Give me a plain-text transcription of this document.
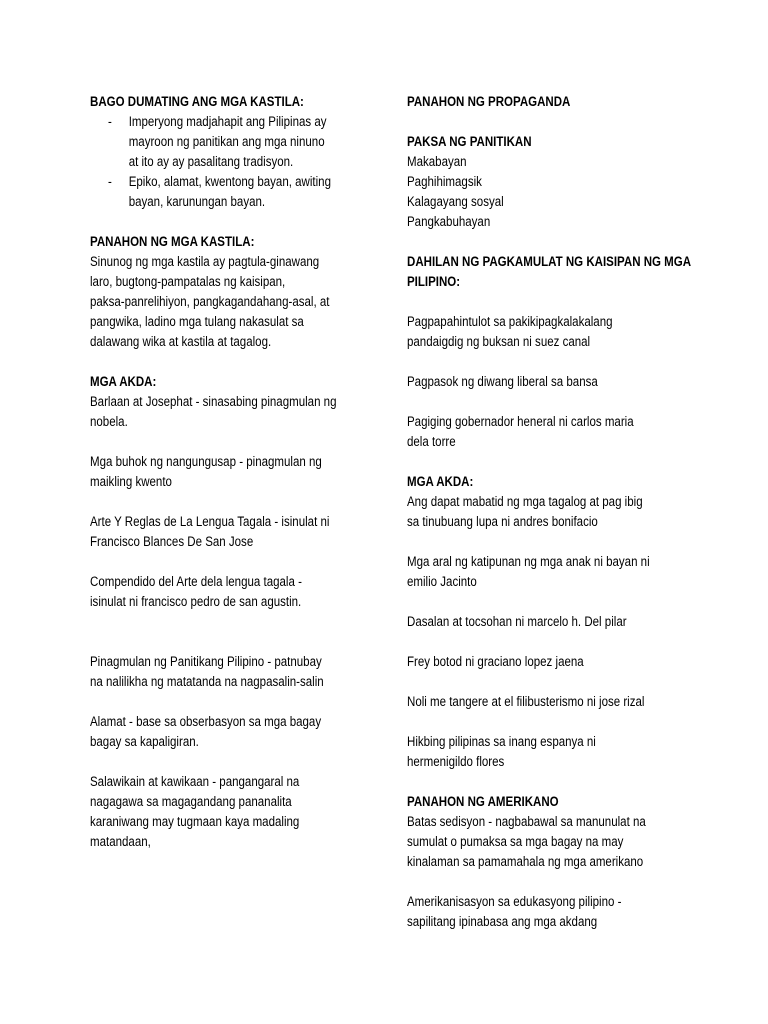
BAGO DUMATING ANG MGA KASTILA:
- Imperyong madjahapit ang Pilipinas ay
mayroon ng panitikan ang mga ninuno
at ito ay ay pasalitang tradisyon.
- Epiko, alamat, kwentong bayan, awiting
bayan, karunungan bayan.
PANAHON NG MGA KASTILA:
Sinunog ng mga kastila ay pagtula-ginawang
laro, bugtong-pampatalas ng kaisipan,
paksa-panrelihiyon, pangkagandahang-asal, at
pangwika, ladino mga tulang nakasulat sa
dalawang wika at kastila at tagalog.
MGA AKDA:
Barlaan at Josephat - sinasabing pinagmulan ng
nobela.
Mga buhok ng nangungusap - pinagmulan ng
maikling kwento
Arte Y Reglas de La Lengua Tagala - isinulat ni
Francisco Blances De San Jose
Compendido del Arte dela lengua tagala -
isinulat ni francisco pedro de san agustin.
Pinagmulan ng Panitikang Pilipino - patnubay
na nalilikha ng matatanda na nagpasalin-salin
Alamat - base sa obserbasyon sa mga bagay
bagay sa kapaligiran.
Salawikain at kawikaan - pangangaral na
nagagawa sa magagandang pananalita
karaniwang may tugmaan kaya madaling
matandaan,
PANAHON NG PROPAGANDA
PAKSA NG PANITIKAN
Makabayan
Paghihimagsik
Kalagayang sosyal
Pangkabuhayan
DAHILAN NG PAGKAMULAT NG KAISIPAN NG MGA
PILIPINO:
Pagpapahintulot sa pakikipagkalakalang
pandaigdig ng buksan ni suez canal
Pagpasok ng diwang liberal sa bansa
Pagiging gobernador heneral ni carlos maria
dela torre
MGA AKDA:
Ang dapat mabatid ng mga tagalog at pag ibig
sa tinubuang lupa ni andres bonifacio
Mga aral ng katipunan ng mga anak ni bayan ni
emilio Jacinto
Dasalan at tocsohan ni marcelo h. Del pilar
Frey botod ni graciano lopez jaena
Noli me tangere at el filibusterismo ni jose rizal
Hikbing pilipinas sa inang espanya ni
hermenigildo flores
PANAHON NG AMERIKANO
Batas sedisyon - nagbabawal sa manunulat na
sumulat o pumaksa sa mga bagay na may
kinalaman sa pamamahala ng mga amerikano
Amerikanisasyon sa edukasyong pilipino -
sapilitang ipinabasa ang mga akdang
